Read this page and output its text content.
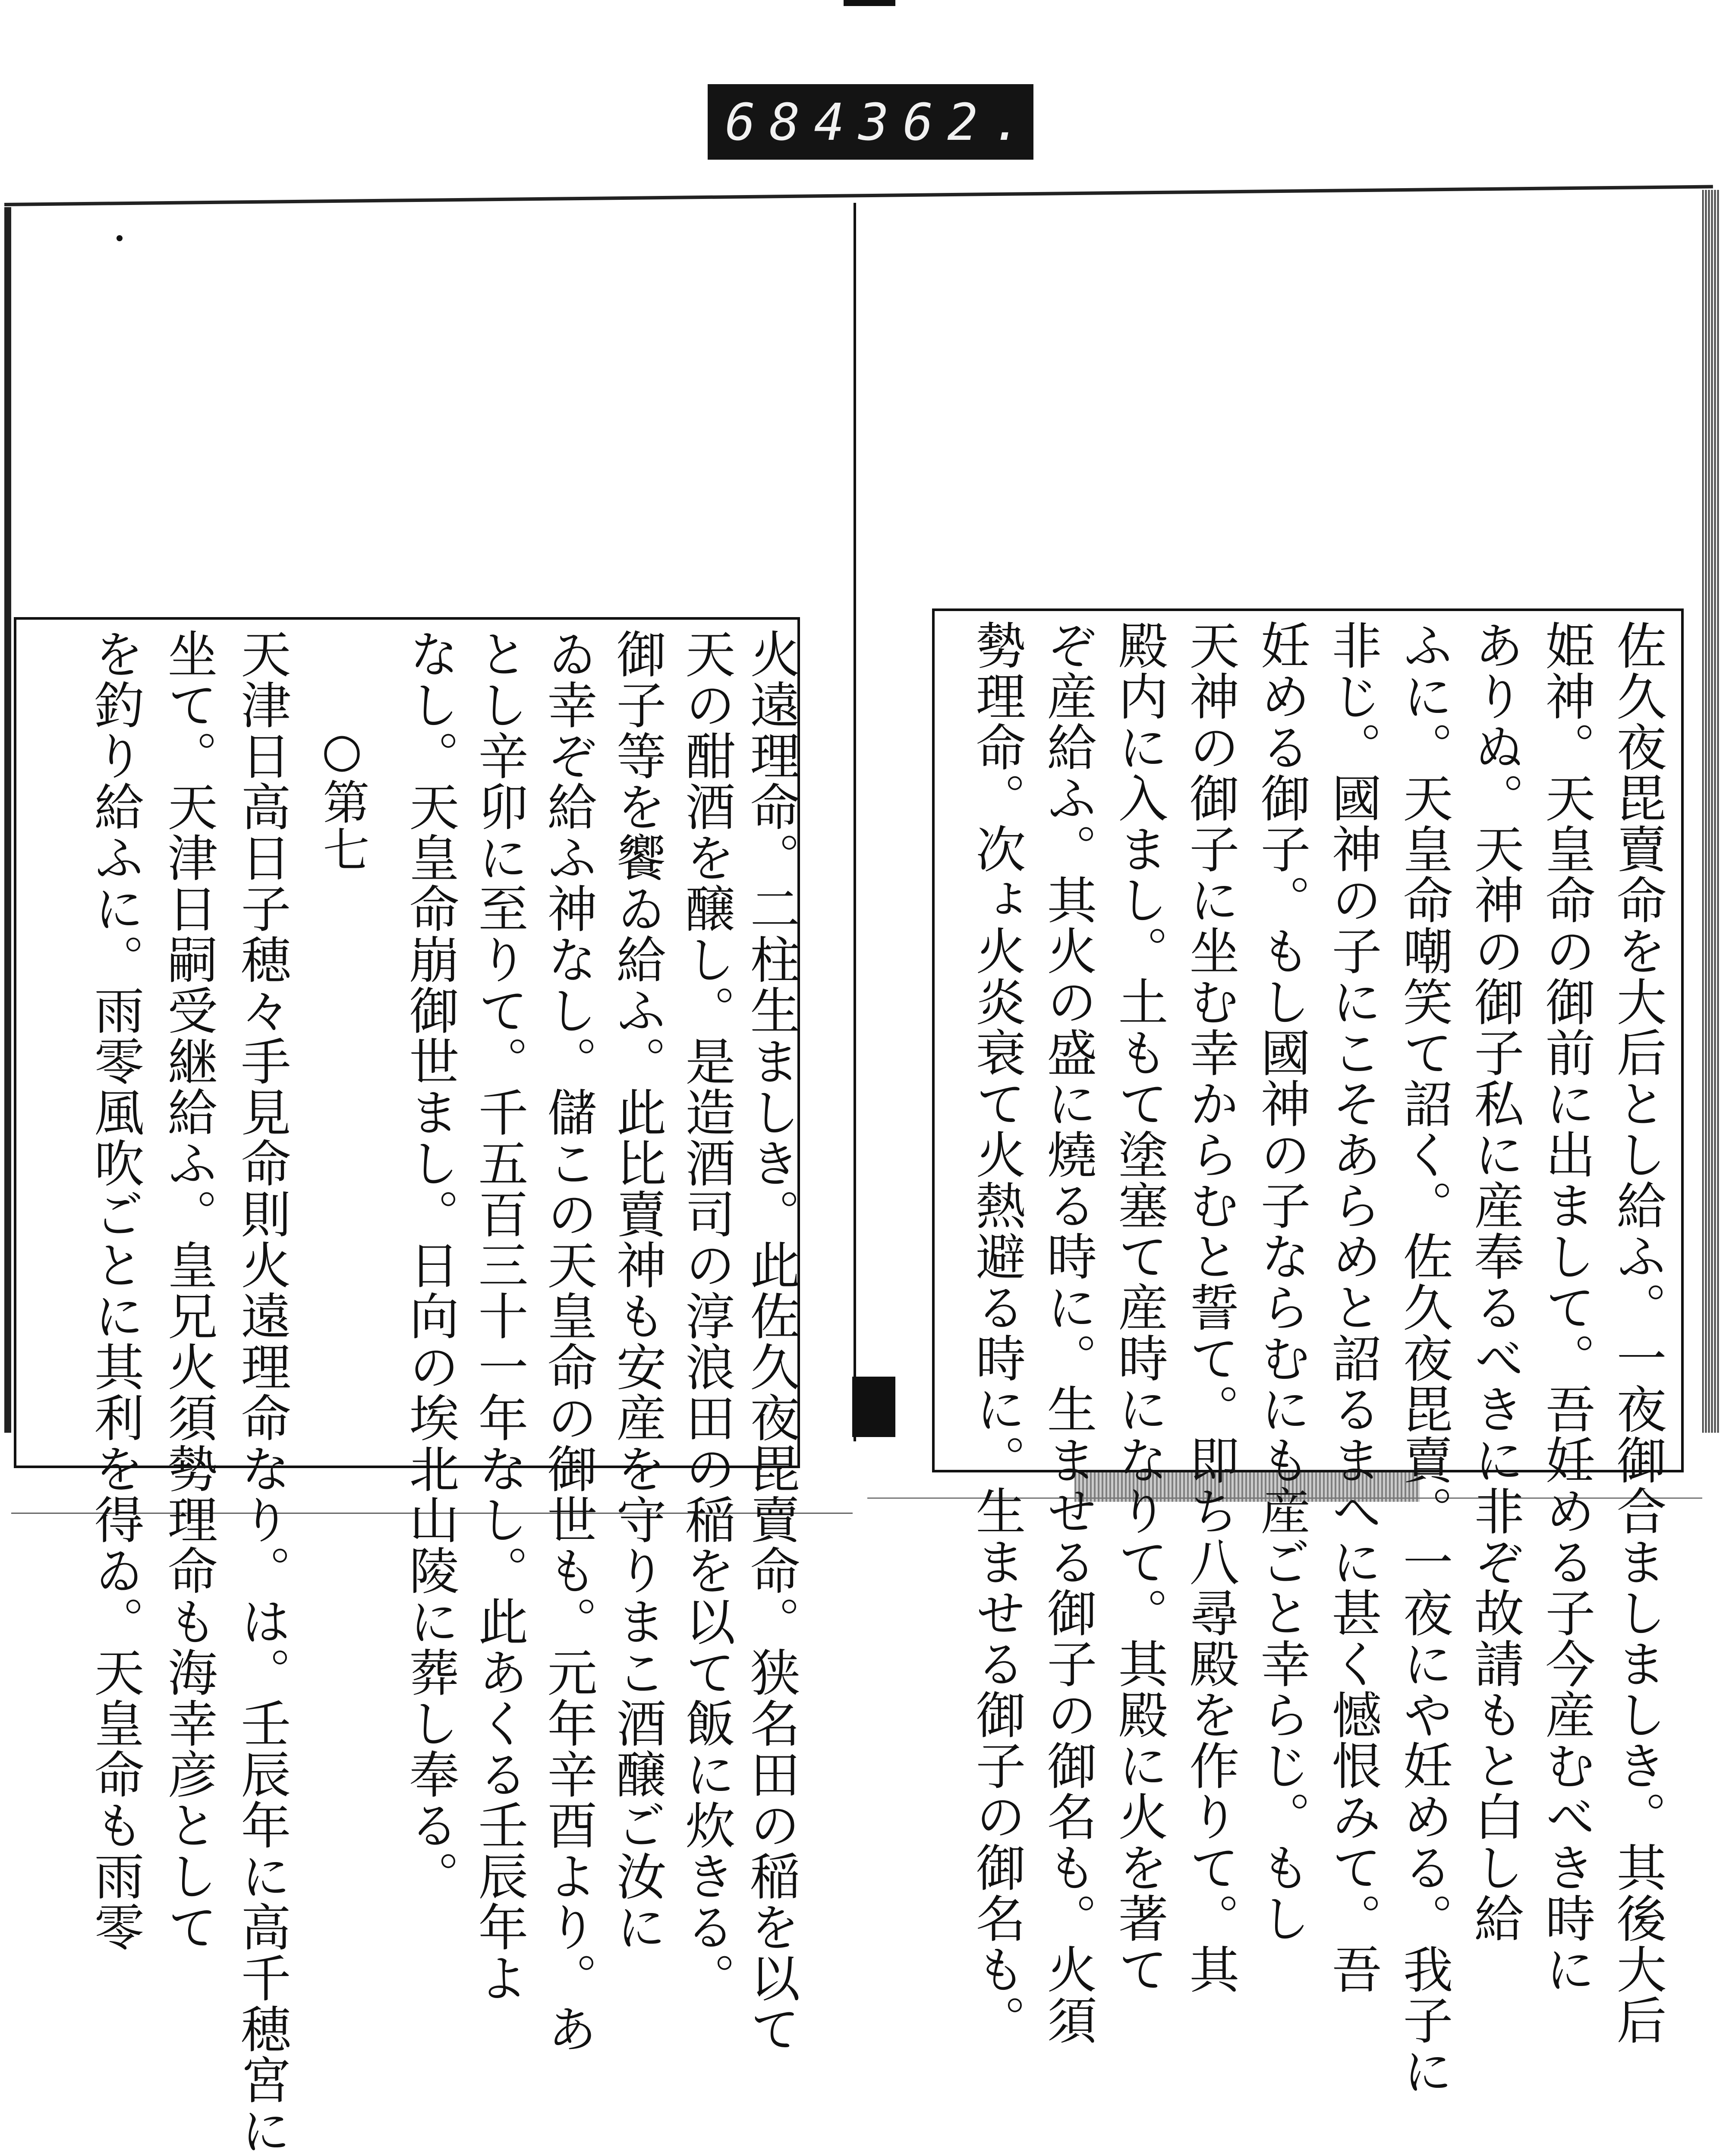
684 362.
火遠理命。二柱生ましき。此佐久夜毘賣命。狭名田の稲を以て
天の酣酒を醸し。是造酒司の淳浪田の稲を以て飯に炊きる。
御子等を饗ゐ給ふ。此比賣神も安産を守りまこ酒醸ご汝に
ゐ幸ぞ給ふ神なし。儲この天皇命の御世も。元年辛酉より。あ
とし辛卯に至りて。千五百三十一年なし。此あくる壬辰年よ
なし。天皇命崩御世まし。日向の埃北山陵に葬し奉る。
○第七
天津日高日子穂々手見命則火遠理命なり。は。壬辰年に高千穂宮に
坐て。天津日嗣受継給ふ。皇兄火須勢理命も海幸彦として
を釣り給ふに。雨零風吹ごとに其利を得ゐ。天皇命も雨零	佐久夜毘賣命を大后とし給ふ。一夜御合ましましき。其後大后
姫神。天皇命の御前に出まして。吾妊める子今産むべき時に
ありぬ。天神の御子私に産奉るべきに非ぞ故請もと白し給
ふに。天皇命嘲笑て詔く。佐久夜毘賣。一夜にや妊める。我子に
非じ。國神の子にこそあらめと詔るまへに甚く憾恨みて。吾
妊める御子。もし國神の子ならむにも産ごと幸らじ。もし
天神の御子に坐む幸からむと誓て。即ち八尋殿を作りて。其
殿内に入まし。土もて塗塞て産時になりて。其殿に火を著て
ぞ産給ふ。其火の盛に燒る時に。生ませる御子の御名も。火須
勢理命。次ょ火炎衰て火熱避る時に。生ませる御子の御名も。
